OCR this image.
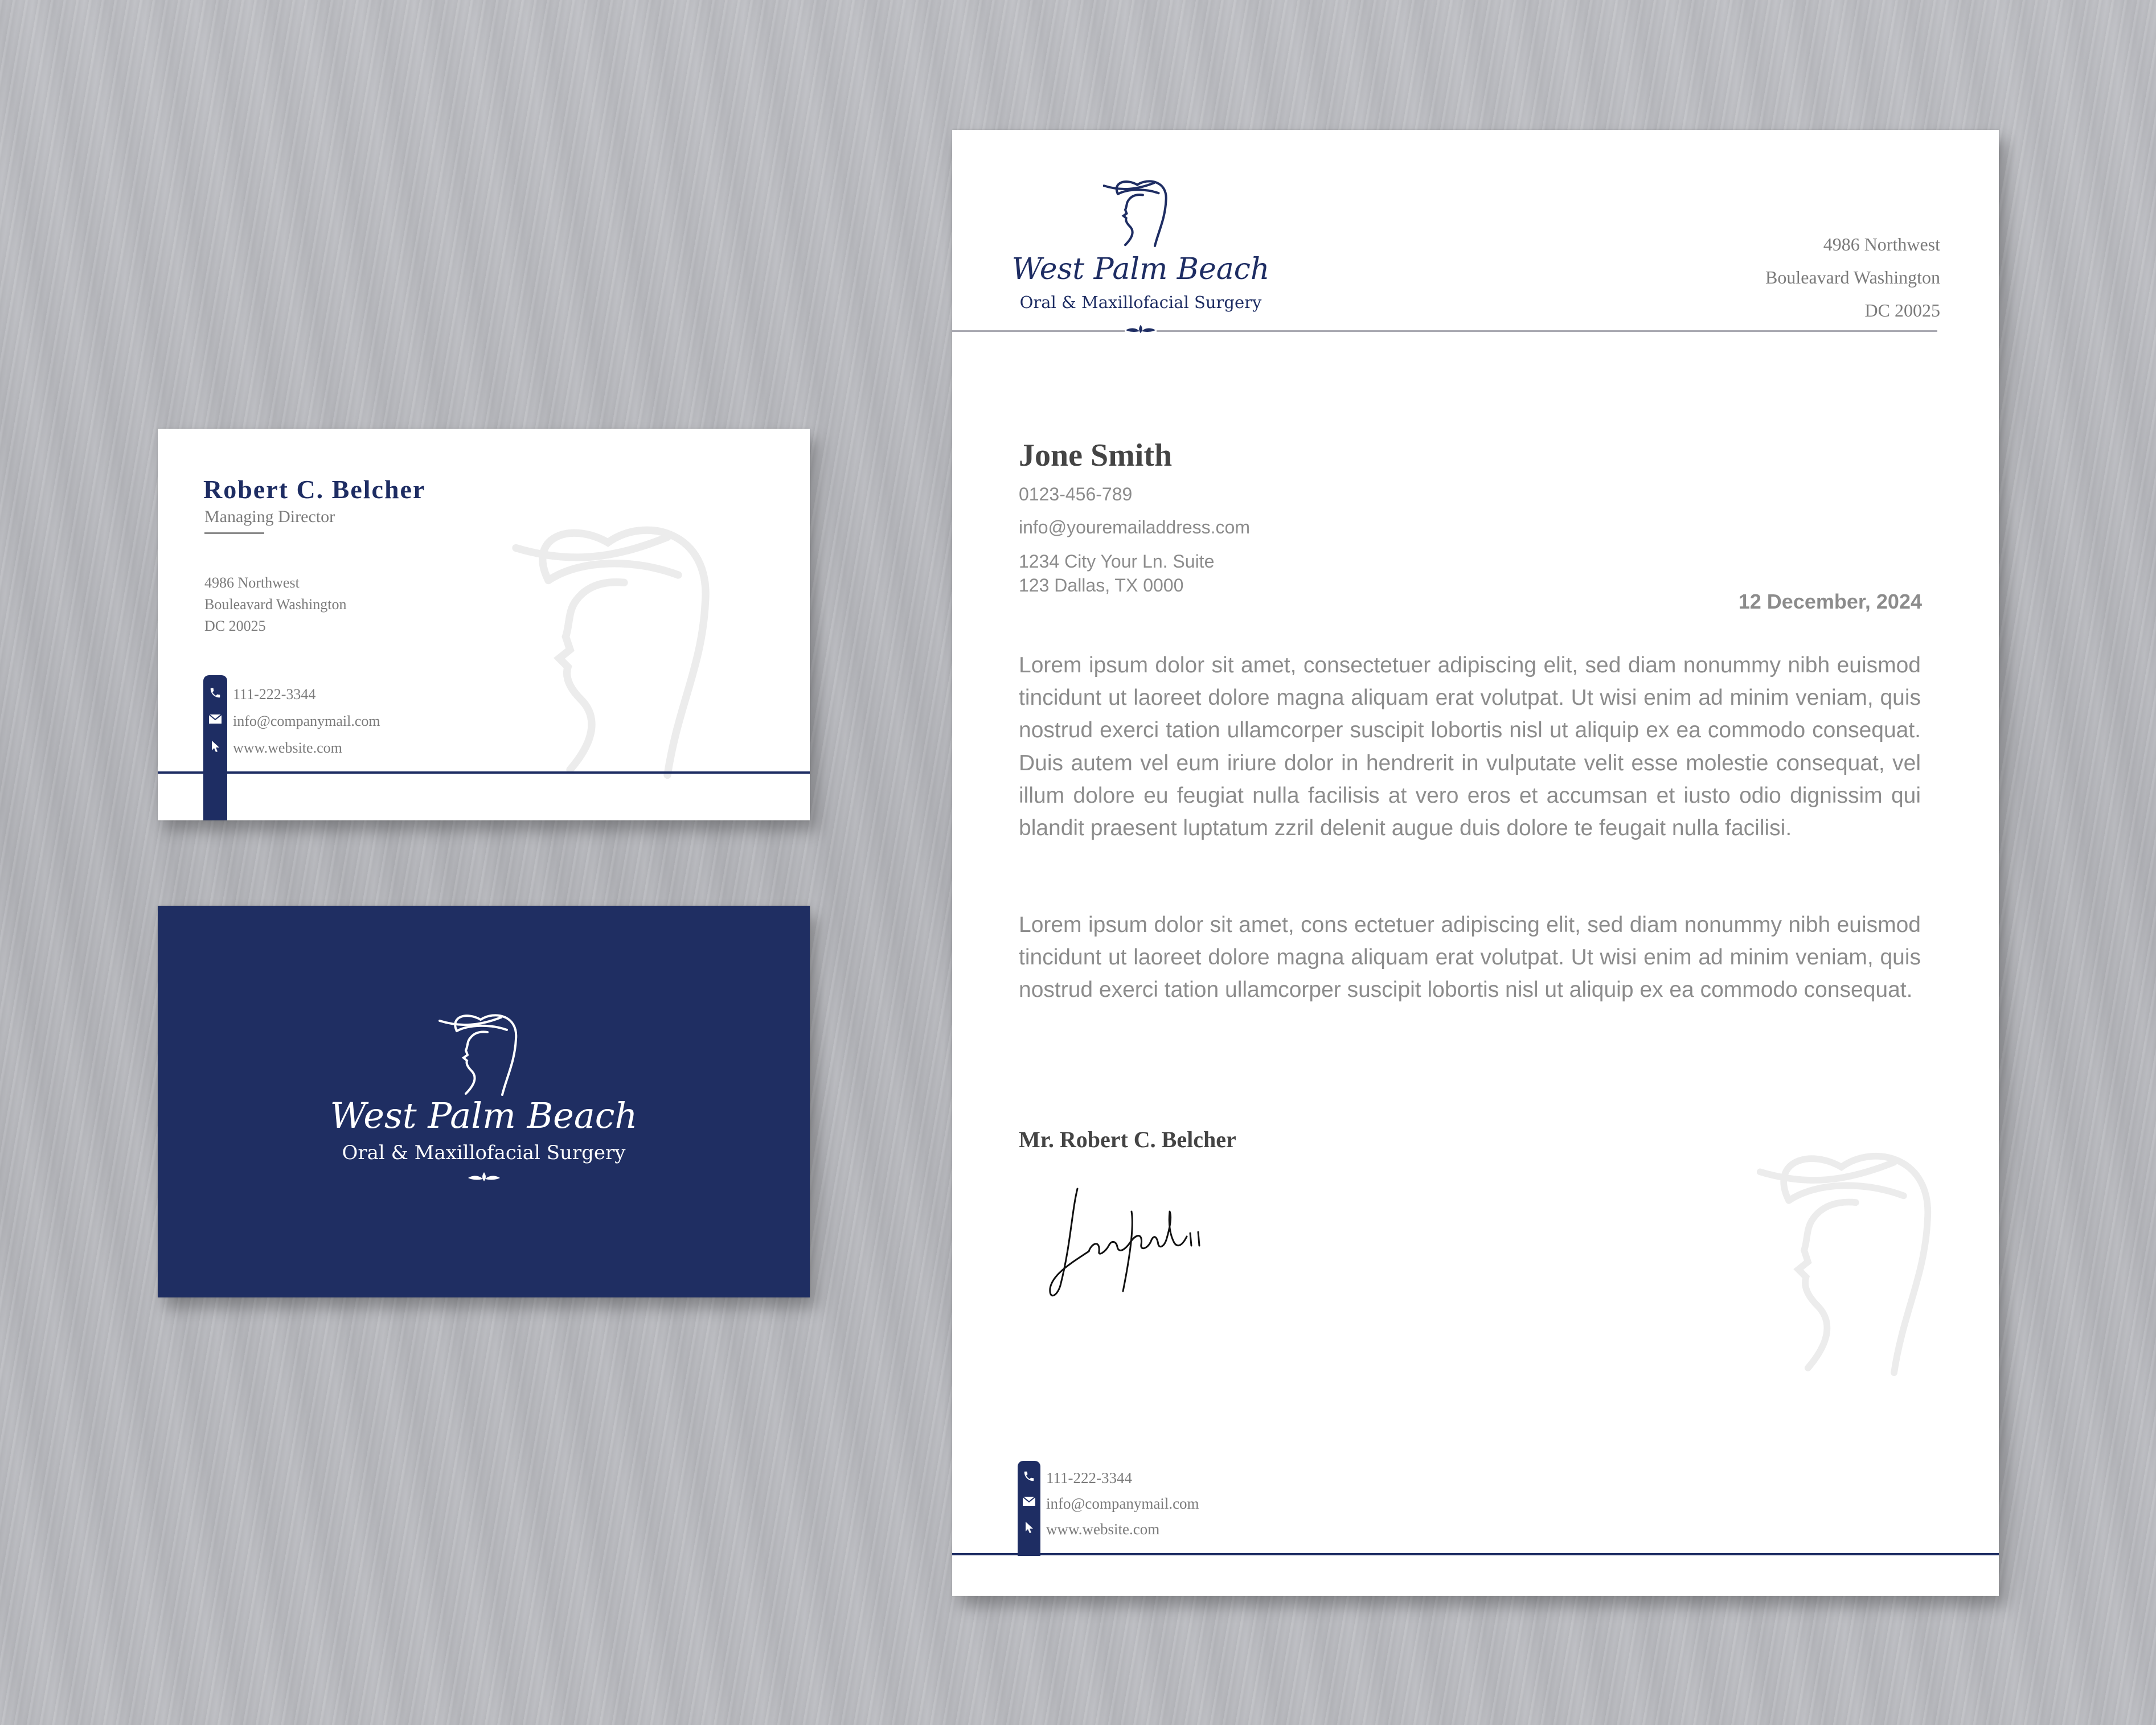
Robert C. Belcher
Managing Director
4986 Northwest
Bouleavard Washington
DC 20025
111-222-3344
info@companymail.com
www.website.com
West Palm Beach
Oral & Maxillofacial Surgery
West Palm Beach
Oral & Maxillofacial Surgery
4986 Northwest
Bouleavard Washington
DC 20025
Jone Smith
0123-456-789
info@youremailaddress.com
1234 City Your Ln. Suite
123 Dallas, TX 0000
12 December, 2024
Lorem ipsum dolor sit amet, consectetuer adipiscing elit, sed diam nonummy nibh euismod tincidunt ut laoreet dolore magna aliquam erat volutpat. Ut wisi enim ad minim veniam, quis nostrud exerci tation ullamcorper suscipit lobortis nisl ut aliquip ex ea commodo consequat. Duis autem vel eum iriure dolor in hendrerit in vulputate velit esse molestie consequat, vel illum dolore eu feugiat nulla facilisis at vero eros et accumsan et iusto odio dignissim qui blandit praesent luptatum zzril delenit augue duis dolore te feugait nulla facilisi.
Lorem ipsum dolor sit amet, cons ectetuer adipiscing elit, sed diam nonummy nibh euismod tincidunt ut laoreet dolore magna aliquam erat volutpat. Ut wisi enim ad minim veniam, quis nostrud exerci tation ullamcorper suscipit lobortis nisl ut aliquip ex ea commodo consequat.
Mr. Robert C. Belcher
111-222-3344
info@companymail.com
www.website.com
